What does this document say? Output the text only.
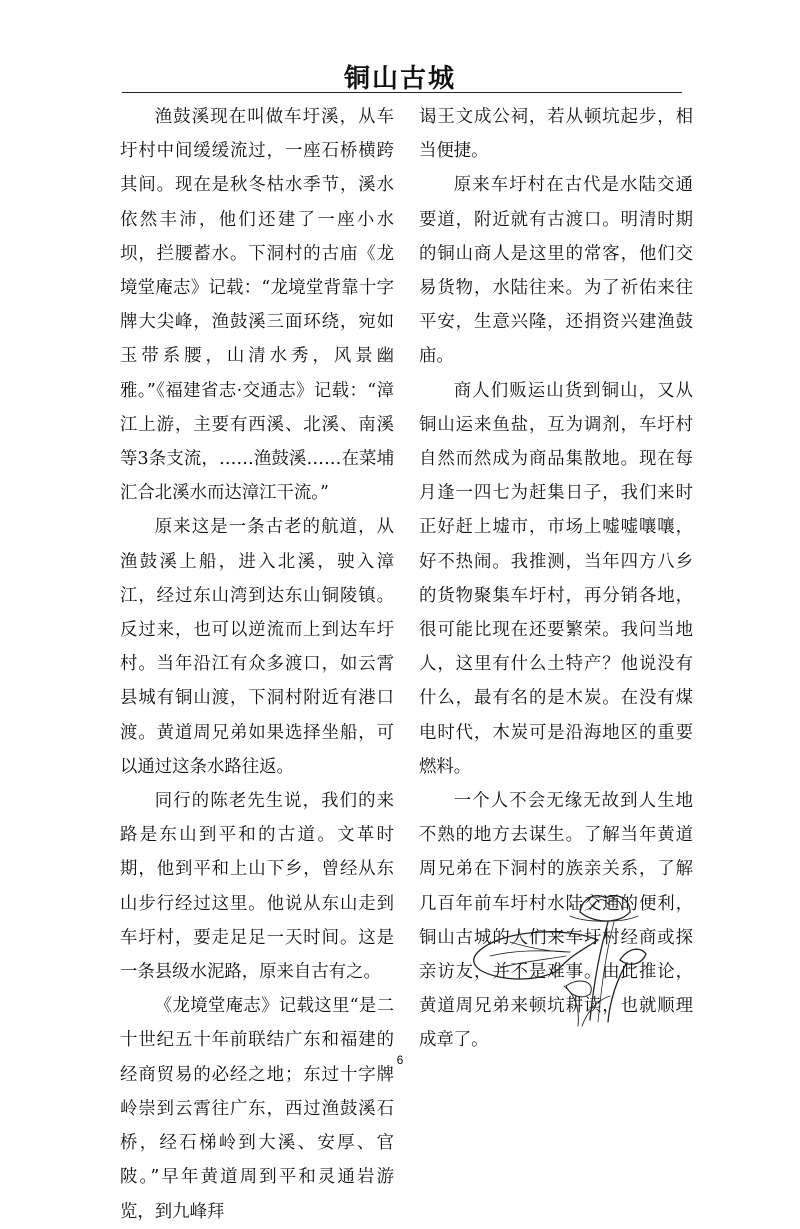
铜山古城

渔鼓溪现在叫做车圩溪，从车圩村中间缓缓流过，一座石桥横跨其间。现在是秋冬枯水季节，溪水依然丰沛，他们还建了一座小水坝，拦腰蓄水。下洞村的古庙《龙境堂庵志》记载：“龙境堂背靠十字牌大尖峰，渔鼓溪三面环绕，宛如玉带系腰，山清水秀，风景幽雅。”《福建省志·交通志》记载：“漳江上游，主要有西溪、北溪、南溪等3条支流，……渔鼓溪……在菜埔汇合北溪水而达漳江干流。”

原来这是一条古老的航道，从渔鼓溪上船，进入北溪，驶入漳江，经过东山湾到达东山铜陵镇。反过来，也可以逆流而上到达车圩村。当年沿江有众多渡口，如云霄县城有铜山渡，下洞村附近有港口渡。黄道周兄弟如果选择坐船，可以通过这条水路往返。

同行的陈老先生说，我们的来路是东山到平和的古道。文革时期，他到平和上山下乡，曾经从东山步行经过这里。他说从东山走到车圩村，要走足足一天时间。这是一条县级水泥路，原来自古有之。

《龙境堂庵志》记载这里“是二十世纪五十年前联结广东和福建的经商贸易的必经之地；东过十字牌岭崇到云霄往广东，西过渔鼓溪石桥，经石梯岭到大溪、安厚、官陂。”早年黄道周到平和灵通岩游览，到九峰拜

谒王文成公祠，若从顿坑起步，相当便捷。

原来车圩村在古代是水陆交通要道，附近就有古渡口。明清时期的铜山商人是这里的常客，他们交易货物，水陆往来。为了祈佑来往平安，生意兴隆，还捐资兴建渔鼓庙。

商人们贩运山货到铜山，又从铜山运来鱼盐，互为调剂，车圩村自然而然成为商品集散地。现在每月逢一四七为赶集日子，我们来时正好赶上墟市，市场上嘘嘘嚷嚷，好不热闹。我推测，当年四方八乡的货物聚集车圩村，再分销各地，很可能比现在还要繁荣。我问当地人，这里有什么土特产？他说没有什么，最有名的是木炭。在没有煤电时代，木炭可是沿海地区的重要燃料。

一个人不会无缘无故到人生地不熟的地方去谋生。了解当年黄道周兄弟在下洞村的族亲关系，了解几百年前车圩村水陆交通的便利，铜山古城的人们来车圩村经商或探亲访友，并不是难事。由此推论，黄道周兄弟来顿坑耕读，也就顺理成章了。

6
